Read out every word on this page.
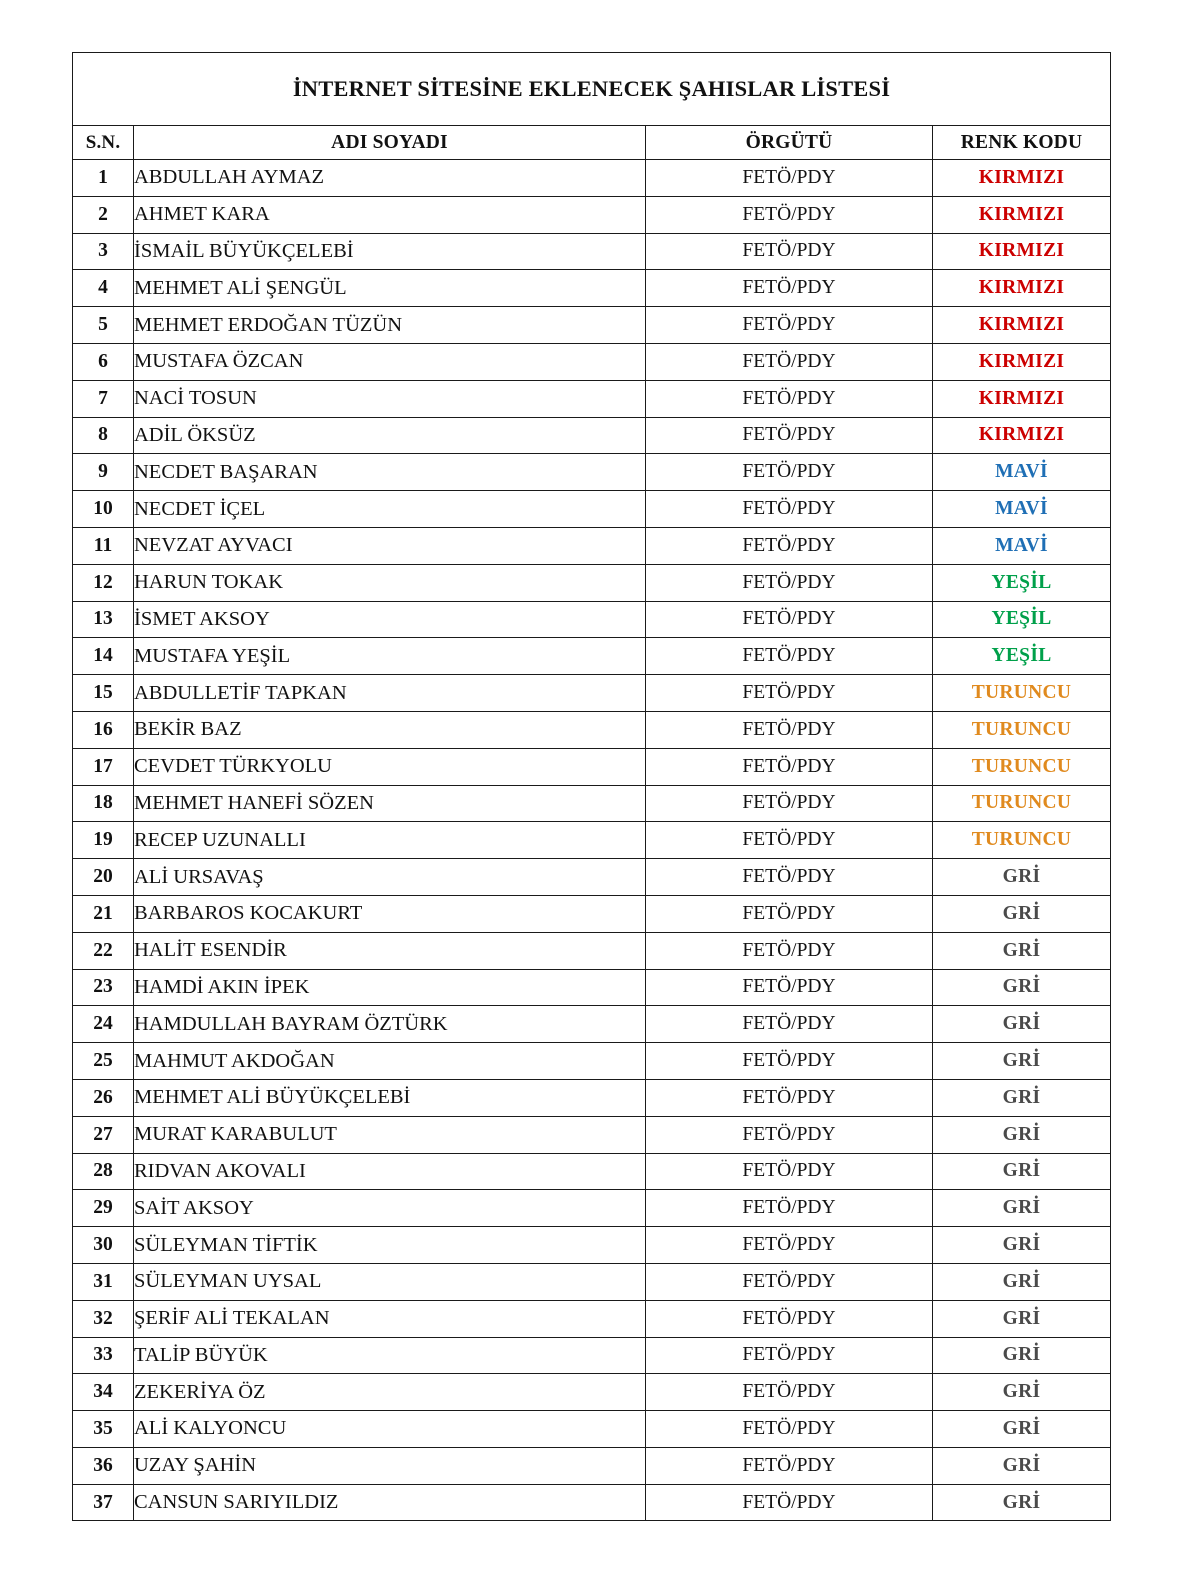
İNTERNET SİTESİNE EKLENECEK ŞAHISLAR LİSTESİ			
S.N.	ADI SOYADI	ÖRGÜTÜ	RENK KODU
1	ABDULLAH AYMAZ	FETÖ/PDY	KIRMIZI
2	AHMET KARA	FETÖ/PDY	KIRMIZI
3	İSMAİL BÜYÜKÇELEBİ	FETÖ/PDY	KIRMIZI
4	MEHMET ALİ ŞENGÜL	FETÖ/PDY	KIRMIZI
5	MEHMET ERDOĞAN TÜZÜN	FETÖ/PDY	KIRMIZI
6	MUSTAFA ÖZCAN	FETÖ/PDY	KIRMIZI
7	NACİ TOSUN	FETÖ/PDY	KIRMIZI
8	ADİL ÖKSÜZ	FETÖ/PDY	KIRMIZI
9	NECDET BAŞARAN	FETÖ/PDY	MAVİ
10	NECDET İÇEL	FETÖ/PDY	MAVİ
11	NEVZAT AYVACI	FETÖ/PDY	MAVİ
12	HARUN TOKAK	FETÖ/PDY	YEŞİL
13	İSMET AKSOY	FETÖ/PDY	YEŞİL
14	MUSTAFA YEŞİL	FETÖ/PDY	YEŞİL
15	ABDULLETİF TAPKAN	FETÖ/PDY	TURUNCU
16	BEKİR BAZ	FETÖ/PDY	TURUNCU
17	CEVDET TÜRKYOLU	FETÖ/PDY	TURUNCU
18	MEHMET HANEFİ SÖZEN	FETÖ/PDY	TURUNCU
19	RECEP UZUNALLI	FETÖ/PDY	TURUNCU
20	ALİ URSAVAŞ	FETÖ/PDY	GRİ
21	BARBAROS KOCAKURT	FETÖ/PDY	GRİ
22	HALİT ESENDİR	FETÖ/PDY	GRİ
23	HAMDİ AKIN İPEK	FETÖ/PDY	GRİ
24	HAMDULLAH BAYRAM ÖZTÜRK	FETÖ/PDY	GRİ
25	MAHMUT AKDOĞAN	FETÖ/PDY	GRİ
26	MEHMET ALİ BÜYÜKÇELEBİ	FETÖ/PDY	GRİ
27	MURAT KARABULUT	FETÖ/PDY	GRİ
28	RIDVAN AKOVALI	FETÖ/PDY	GRİ
29	SAİT AKSOY	FETÖ/PDY	GRİ
30	SÜLEYMAN TİFTİK	FETÖ/PDY	GRİ
31	SÜLEYMAN UYSAL	FETÖ/PDY	GRİ
32	ŞERİF ALİ TEKALAN	FETÖ/PDY	GRİ
33	TALİP BÜYÜK	FETÖ/PDY	GRİ
34	ZEKERİYA ÖZ	FETÖ/PDY	GRİ
35	ALİ KALYONCU	FETÖ/PDY	GRİ
36	UZAY ŞAHİN	FETÖ/PDY	GRİ
37	CANSUN SARIYILDIZ	FETÖ/PDY	GRİ
